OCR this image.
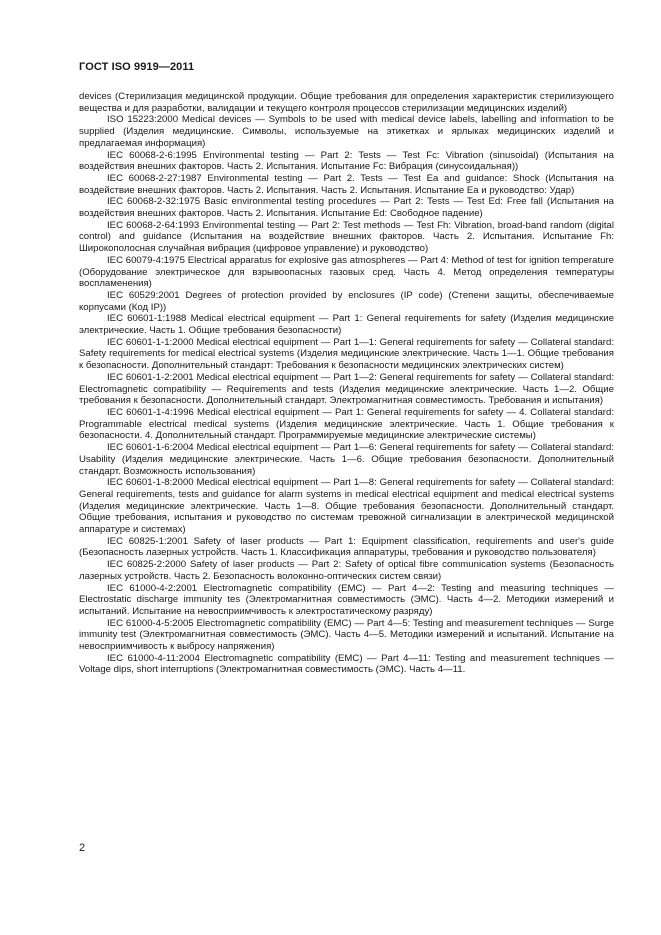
ГОСТ ISO 9919—2011

devices (Стерилизация медицинской продукции. Общие требования для определения характеристик стерилизующего вещества и для разработки, валидации и текущего контроля процессов стерилизации медицинских изделий)

ISO 15223:2000 Medical devices — Symbols to be used with medical device labels, labelling and information to be supplied (Изделия медицинские. Символы, используемые на этикетках и ярлыках медицинских изделий и предлагаемая информация)

IEC 60068-2-6:1995 Environmental testing — Part 2: Tests — Test Fc: Vibration (sinusoidal) (Испытания на воздействия внешних факторов. Часть 2. Испытания. Испытание Fc: Вибрация (синусоидальная))

IEC 60068-2-27:1987 Environmental testing — Part 2. Tests — Test Ea and guidance: Shock (Испытания на воздействие внешних факторов. Часть 2. Испытания. Часть 2. Испытания. Испытание Ea и руководство: Удар)

IEC 60068-2-32:1975 Basic environmental testing procedures — Part 2: Tests — Test Ed: Free fall (Испытания на воздействия внешних факторов. Часть 2. Испытания. Испытание Ed: Свободное падение)

IEC 60068-2-64:1993 Environmental testing — Part 2: Test methods — Test Fh: Vibration, broad-band random (digital control) and guidance (Испытания на воздействие внешних факторов. Часть 2. Испытания. Испытание Fh: Широкополосная случайная вибрация (цифровое управление) и руководство)

IEC 60079-4:1975 Electrical apparatus for explosive gas atmospheres — Part 4: Method of test for ignition temperature (Оборудование электрическое для взрывоопасных газовых сред. Часть 4. Метод определения температуры воспламенения)

IEC 60529:2001 Degrees of protection provided by enclosures (IP code) (Степени защиты, обеспечиваемые корпусами (Код IP))

IEC 60601-1:1988 Medical electrical equipment — Part 1: General requirements for safety (Изделия медицинские электрические. Часть 1. Общие требования безопасности)

IEC 60601-1-1:2000 Medical electrical equipment — Part 1—1: General requirements for safety — Collateral standard: Safety requirements for medical electrical systems (Изделия медицинские электрические. Часть 1—1. Общие требования к безопасности. Дополнительный стандарт: Требования к безопасности медицинских электрических систем)

IEC 60601-1-2:2001 Medical electrical equipment — Part 1—2: General requirements for safety — Collateral standard: Electromagnetic compatibility — Requirements and tests (Изделия медицинские электрические. Часть 1—2. Общие требования к безопасности. Дополнительный стандарт. Электромагнитная совместимость. Требования и испытания)

IEC 60601-1-4:1996 Medical electrical equipment — Part 1: General requirements for safety — 4. Collateral standard: Programmable electrical medical systems (Изделия медицинские электрические. Часть 1. Общие требования к безопасности. 4. Дополнительный стандарт. Программируемые медицинские электрические системы)

IEC 60601-1-6:2004 Medical electrical equipment — Part 1—6: General requirements for safety — Collateral standard: Usability (Изделия медицинские электрические. Часть 1—6. Общие требования безопасности. Дополнительный стандарт. Возможность использования)

IEC 60601-1-8:2000 Medical electrical equipment — Part 1—8: General requirements for safety — Collateral standard: General requirements, tests and guidance for alarm systems in medical electrical equipment and medical electrical systems (Изделия медицинские электрические. Часть 1—8. Общие требования безопасности. Дополнительный стандарт. Общие требования, испытания и руководство по системам тревожной сигнализации в электрической медицинской аппаратуре и системах)

IEC 60825-1:2001 Safety of laser products — Part 1: Equipment classification, requirements and user's guide (Безопасность лазерных устройств. Часть 1. Классификация аппаратуры, требования и руководство пользователя)

IEC 60825-2:2000 Safety of laser products — Part 2: Safety of optical fibre communication systems (Безопасность лазерных устройств. Часть 2. Безопасность волоконно-оптических систем связи)

IEC 61000-4-2:2001 Electromagnetic compatibility (EMC) — Part 4—2: Testing and measuring techniques — Electrostatic discharge immunity tes (Электромагнитная совместимость (ЭМС). Часть 4—2. Методики измерений и испытаний. Испытание на невосприимчивость к электростатическому разряду)

IEC 61000-4-5:2005 Electromagnetic compatibility (EMC) — Part 4—5: Testing and measurement techniques — Surge immunity test (Электромагнитная совместимость (ЭМС). Часть 4—5. Методики измерений и испытаний. Испытание на невосприимчивость к выбросу напряжения)

IEC 61000-4-11:2004 Electromagnetic compatibility (EMC) — Part 4—11: Testing and measurement techniques — Voltage dips, short interruptions (Электромагнитная совместимость (ЭМС). Часть 4—11.

2
